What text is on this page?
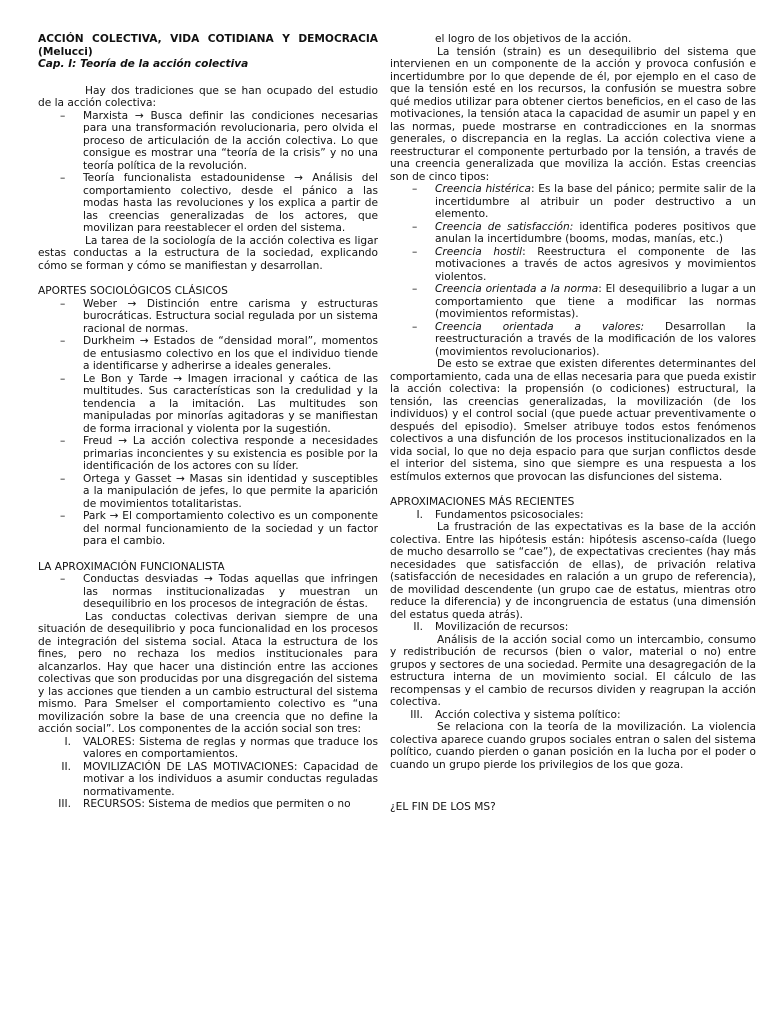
ACCIÓN COLECTIVA, VIDA COTIDIANA Y DEMOCRACIA (Melucci)

Cap. I: Teoría de la acción colectiva

Hay dos tradiciones que se han ocupado del estudio de la acción colectiva:

– Marxista → Busca definir las condiciones necesarias para una transformación revolucionaria, pero olvida el proceso de articulación de la acción colectiva. Lo que consigue es mostrar una “teoría de la crisis” y no una teoría política de la revolución.
– Teoría funcionalista estadounidense → Análisis del comportamiento colectivo, desde el pánico a las modas hasta las revoluciones y los explica a partir de las creencias generalizadas de los actores, que movilizan para reestablecer el orden del sistema.

La tarea de la sociología de la acción colectiva es ligar estas conductas a la estructura de la sociedad, explicando cómo se forman y cómo se manifiestan y desarrollan.

APORTES SOCIOLÓGICOS CLÁSICOS

– Weber → Distinción entre carisma y estructuras burocráticas. Estructura social regulada por un sistema racional de normas.
– Durkheim → Estados de “densidad moral”, momentos de entusiasmo colectivo en los que el individuo tiende a identificarse y adherirse a ideales generales.
– Le Bon y Tarde → Imagen irracional y caótica de las multitudes. Sus características son la credulidad y la tendencia a la imitación. Las multitudes son manipuladas por minorías agitadoras y se manifiestan de forma irracional y violenta por la sugestión.
– Freud → La acción colectiva responde a necesidades primarias inconcientes y su existencia es posible por la identificación de los actores con su líder.
– Ortega y Gasset → Masas sin identidad y susceptibles a la manipulación de jefes, lo que permite la aparición de movimientos totalitaristas.
– Park → El comportamiento colectivo es un componente del normal funcionamiento de la sociedad y un factor para el cambio.

LA APROXIMACIÓN FUNCIONALISTA

– Conductas desviadas → Todas aquellas que infringen las normas institucionalizadas y muestran un desequilibrio en los procesos de integración de éstas.

Las conductas colectivas derivan siempre de una situación de desequilibrio y poca funcionalidad en los procesos de integración del sistema social. Ataca la estructura de los fines, pero no rechaza los medios institucionales para alcanzarlos. Hay que hacer una distinción entre las acciones colectivas que son producidas por una disgregación del sistema y las acciones que tienden a un cambio estructural del sistema mismo. Para Smelser el comportamiento colectivo es “una movilización sobre la base de una creencia que no define la acción social”. Los componentes de la acción social son tres:

I. VALORES: Sistema de reglas y normas que traduce los valores en comportamientos.
II. MOVILIZACIÓN DE LAS MOTIVACIONES: Capacidad de motivar a los individuos a asumir conductas reguladas normativamente.
III. RECURSOS: Sistema de medios que permiten o no

el logro de los objetivos de la acción.

La tensión (strain) es un desequilibrio del sistema que intervienen en un componente de la acción y provoca confusión e incertidumbre por lo que depende de él, por ejemplo en el caso de que la tensión esté en los recursos, la confusión se muestra sobre qué medios utilizar para obtener ciertos beneficios, en el caso de las motivaciones, la tensión ataca la capacidad de asumir un papel y en las normas, puede mostrarse en contradicciones en la snormas generales, o discrepancia en la reglas. La acción colectiva viene a reestructurar el componente perturbado por la tensión, a través de una creencia generalizada que moviliza la acción. Estas creencias son de cinco tipos:

– Creencia histérica: Es la base del pánico; permite salir de la incertidumbre al atribuir un poder destructivo a un elemento.
– Creencia de satisfacción: identifica poderes positivos que anulan la incertidumbre (booms, modas, manías, etc.)
– Creencia hostil: Reestructura el componente de las motivaciones a través de actos agresivos y movimientos violentos.
– Creencia orientada a la norma: El desequilibrio a lugar a un comportamiento que tiene a modificar las normas (movimientos reformistas).
– Creencia orientada a valores: Desarrollan la reestructuración a través de la modificación de los valores (movimientos revolucionarios).

De esto se extrae que existen diferentes determinantes del comportamiento, cada una de ellas necesaria para que pueda existir la acción colectiva: la propensión (o codiciones) estructural, la tensión, las creencias generalizadas, la movilización (de los individuos) y el control social (que puede actuar preventivamente o después del episodio). Smelser atribuye todos estos fenómenos colectivos a una disfunción de los procesos institucionalizados en la vida social, lo que no deja espacio para que surjan conflictos desde el interior del sistema, sino que siempre es una respuesta a los estímulos externos que provocan las disfunciones del sistema.

APROXIMACIONES MÁS RECIENTES

I. Fundamentos psicosociales:

La frustración de las expectativas es la base de la acción colectiva. Entre las hipótesis están: hipótesis ascenso-caída (luego de mucho desarrollo se “cae”), de expectativas crecientes (hay más necesidades que satisfacción de ellas), de privación relativa (satisfacción de necesidades en ralación a un grupo de referencia), de movilidad descendente (un grupo cae de estatus, mientras otro reduce la diferencia) y de incongruencia de estatus (una dimensión del estatus queda atrás).

II. Movilización de recursos:

Análisis de la acción social como un intercambio, consumo y redistribución de recursos (bien o valor, material o no) entre grupos y sectores de una sociedad. Permite una desagregación de la estructura interna de un movimiento social. El cálculo de las recompensas y el cambio de recursos dividen y reagrupan la acción colectiva.

III. Acción colectiva y sistema político:

Se relaciona con la teoría de la movilización. La violencia colectiva aparece cuando grupos sociales entran o salen del sistema político, cuando pierden o ganan posición en la lucha por el poder o cuando un grupo pierde los privilegios de los que goza.

¿EL FIN DE LOS MS?
